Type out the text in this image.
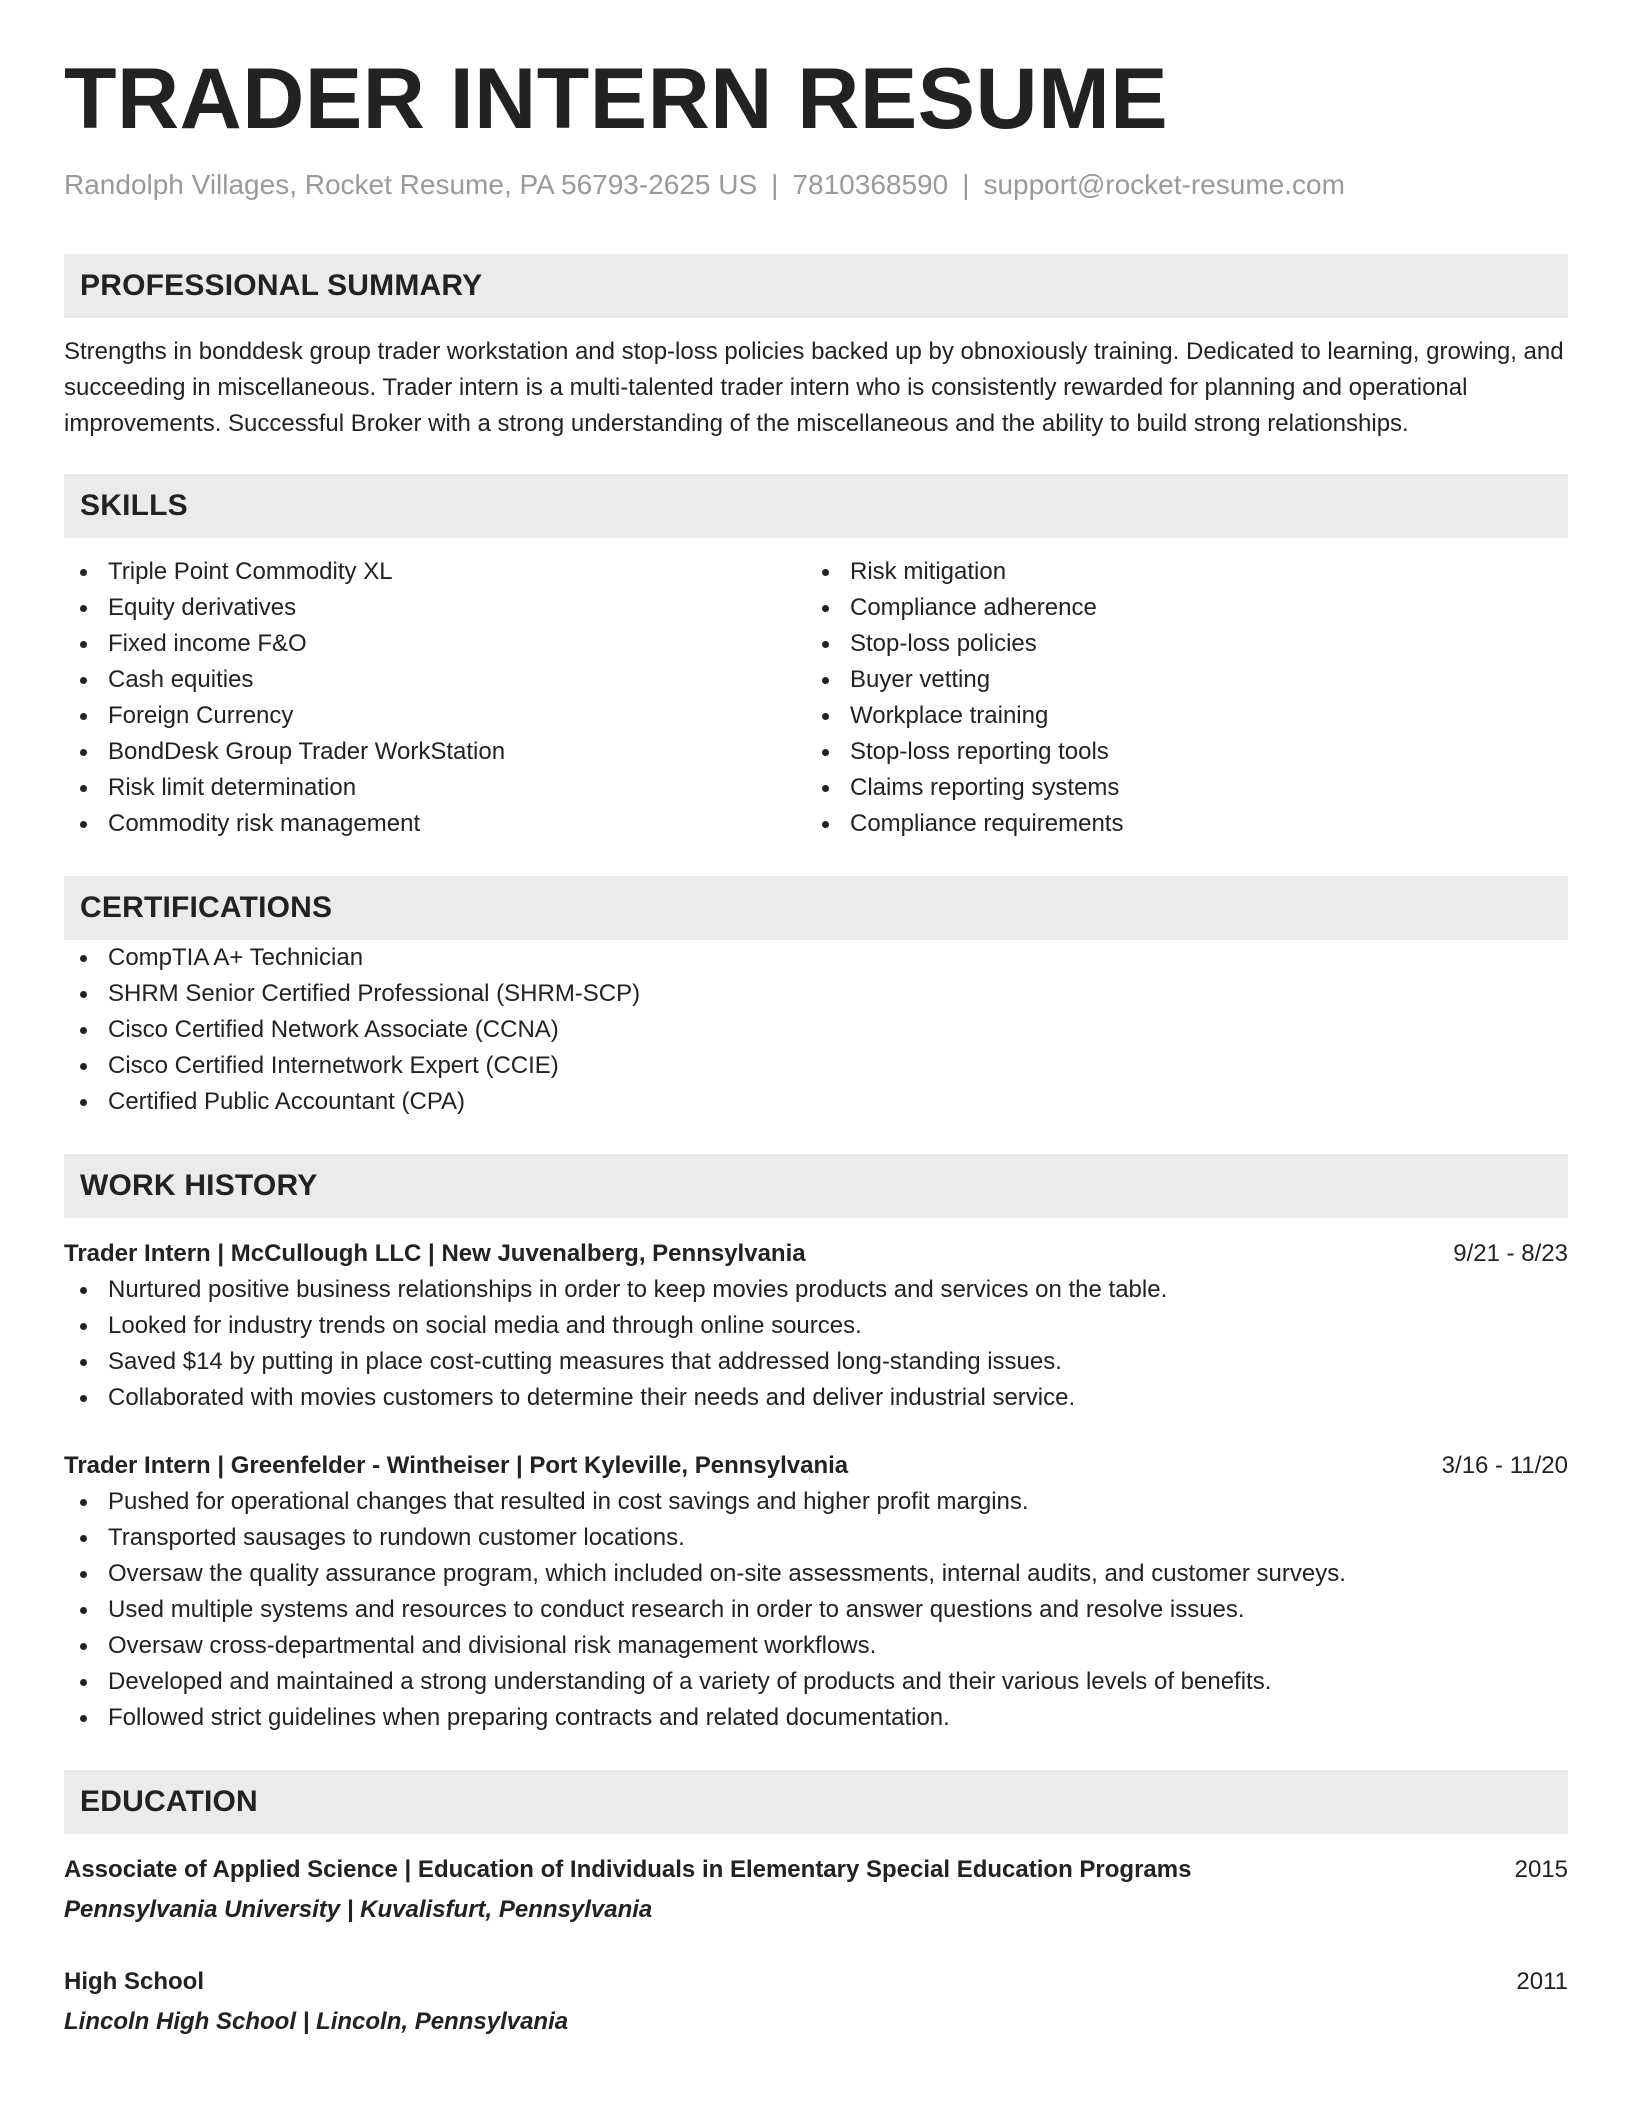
TRADER INTERN RESUME
Randolph Villages, Rocket Resume, PA 56793-2625 US | 7810368590 | support@rocket-resume.com
PROFESSIONAL SUMMARY
Strengths in bonddesk group trader workstation and stop-loss policies backed up by obnoxiously training. Dedicated to learning, growing, and succeeding in miscellaneous. Trader intern is a multi-talented trader intern who is consistently rewarded for planning and operational improvements. Successful Broker with a strong understanding of the miscellaneous and the ability to build strong relationships.
SKILLS
Triple Point Commodity XL
Equity derivatives
Fixed income F&O
Cash equities
Foreign Currency
BondDesk Group Trader WorkStation
Risk limit determination
Commodity risk management
Risk mitigation
Compliance adherence
Stop-loss policies
Buyer vetting
Workplace training
Stop-loss reporting tools
Claims reporting systems
Compliance requirements
CERTIFICATIONS
CompTIA A+ Technician
SHRM Senior Certified Professional (SHRM-SCP)
Cisco Certified Network Associate (CCNA)
Cisco Certified Internetwork Expert (CCIE)
Certified Public Accountant (CPA)
WORK HISTORY
Trader Intern | McCullough LLC | New Juvenalberg, Pennsylvania	9/21 - 8/23
Nurtured positive business relationships in order to keep movies products and services on the table.
Looked for industry trends on social media and through online sources.
Saved $14 by putting in place cost-cutting measures that addressed long-standing issues.
Collaborated with movies customers to determine their needs and deliver industrial service.
Trader Intern | Greenfelder - Wintheiser | Port Kyleville, Pennsylvania	3/16 - 11/20
Pushed for operational changes that resulted in cost savings and higher profit margins.
Transported sausages to rundown customer locations.
Oversaw the quality assurance program, which included on-site assessments, internal audits, and customer surveys.
Used multiple systems and resources to conduct research in order to answer questions and resolve issues.
Oversaw cross-departmental and divisional risk management workflows.
Developed and maintained a strong understanding of a variety of products and their various levels of benefits.
Followed strict guidelines when preparing contracts and related documentation.
EDUCATION
Associate of Applied Science | Education of Individuals in Elementary Special Education Programs	2015
Pennsylvania University | Kuvalisfurt, Pennsylvania
High School	2011
Lincoln High School | Lincoln, Pennsylvania
